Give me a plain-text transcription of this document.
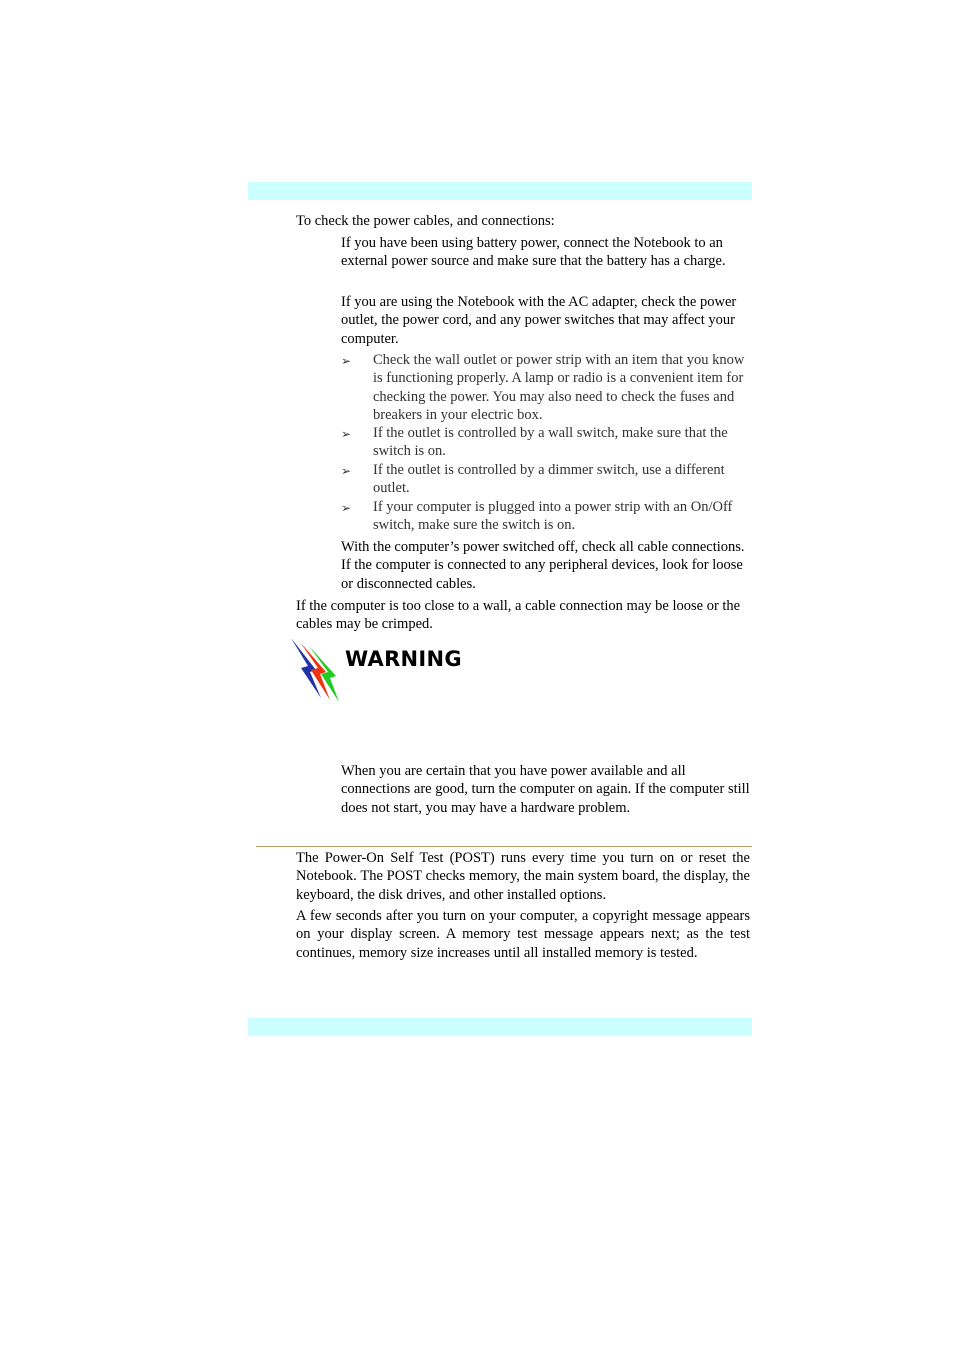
To check the power cables, and connections:

If you have been using battery power, connect the Notebook to an external power source and make sure that the battery has a charge.

If you are using the Notebook with the AC adapter, check the power outlet, the power cord, and any power switches that may affect your computer.

➢ Check the wall outlet or power strip with an item that you know is functioning properly. A lamp or radio is a convenient item for checking the power. You may also need to check the fuses and breakers in your electric box.

➢ If the outlet is controlled by a wall switch, make sure that the switch is on.

➢ If the outlet is controlled by a dimmer switch, use a different outlet.

➢ If your computer is plugged into a power strip with an On/Off switch, make sure the switch is on.

With the computer’s power switched off, check all cable connections. If the computer is connected to any peripheral devices, look for loose or disconnected cables.

If the computer is too close to a wall, a cable connection may be loose or the cables may be crimped.

WARNING

When you are certain that you have power available and all connections are good, turn the computer on again. If the computer still does not start, you may have a hardware problem.

The Power-On Self Test (POST) runs every time you turn on or reset the Notebook. The POST checks memory, the main system board, the display, the keyboard, the disk drives, and other installed options.

A few seconds after you turn on your computer, a copyright message appears on your display screen. A memory test message appears next; as the test continues, memory size increases until all installed memory is tested.
